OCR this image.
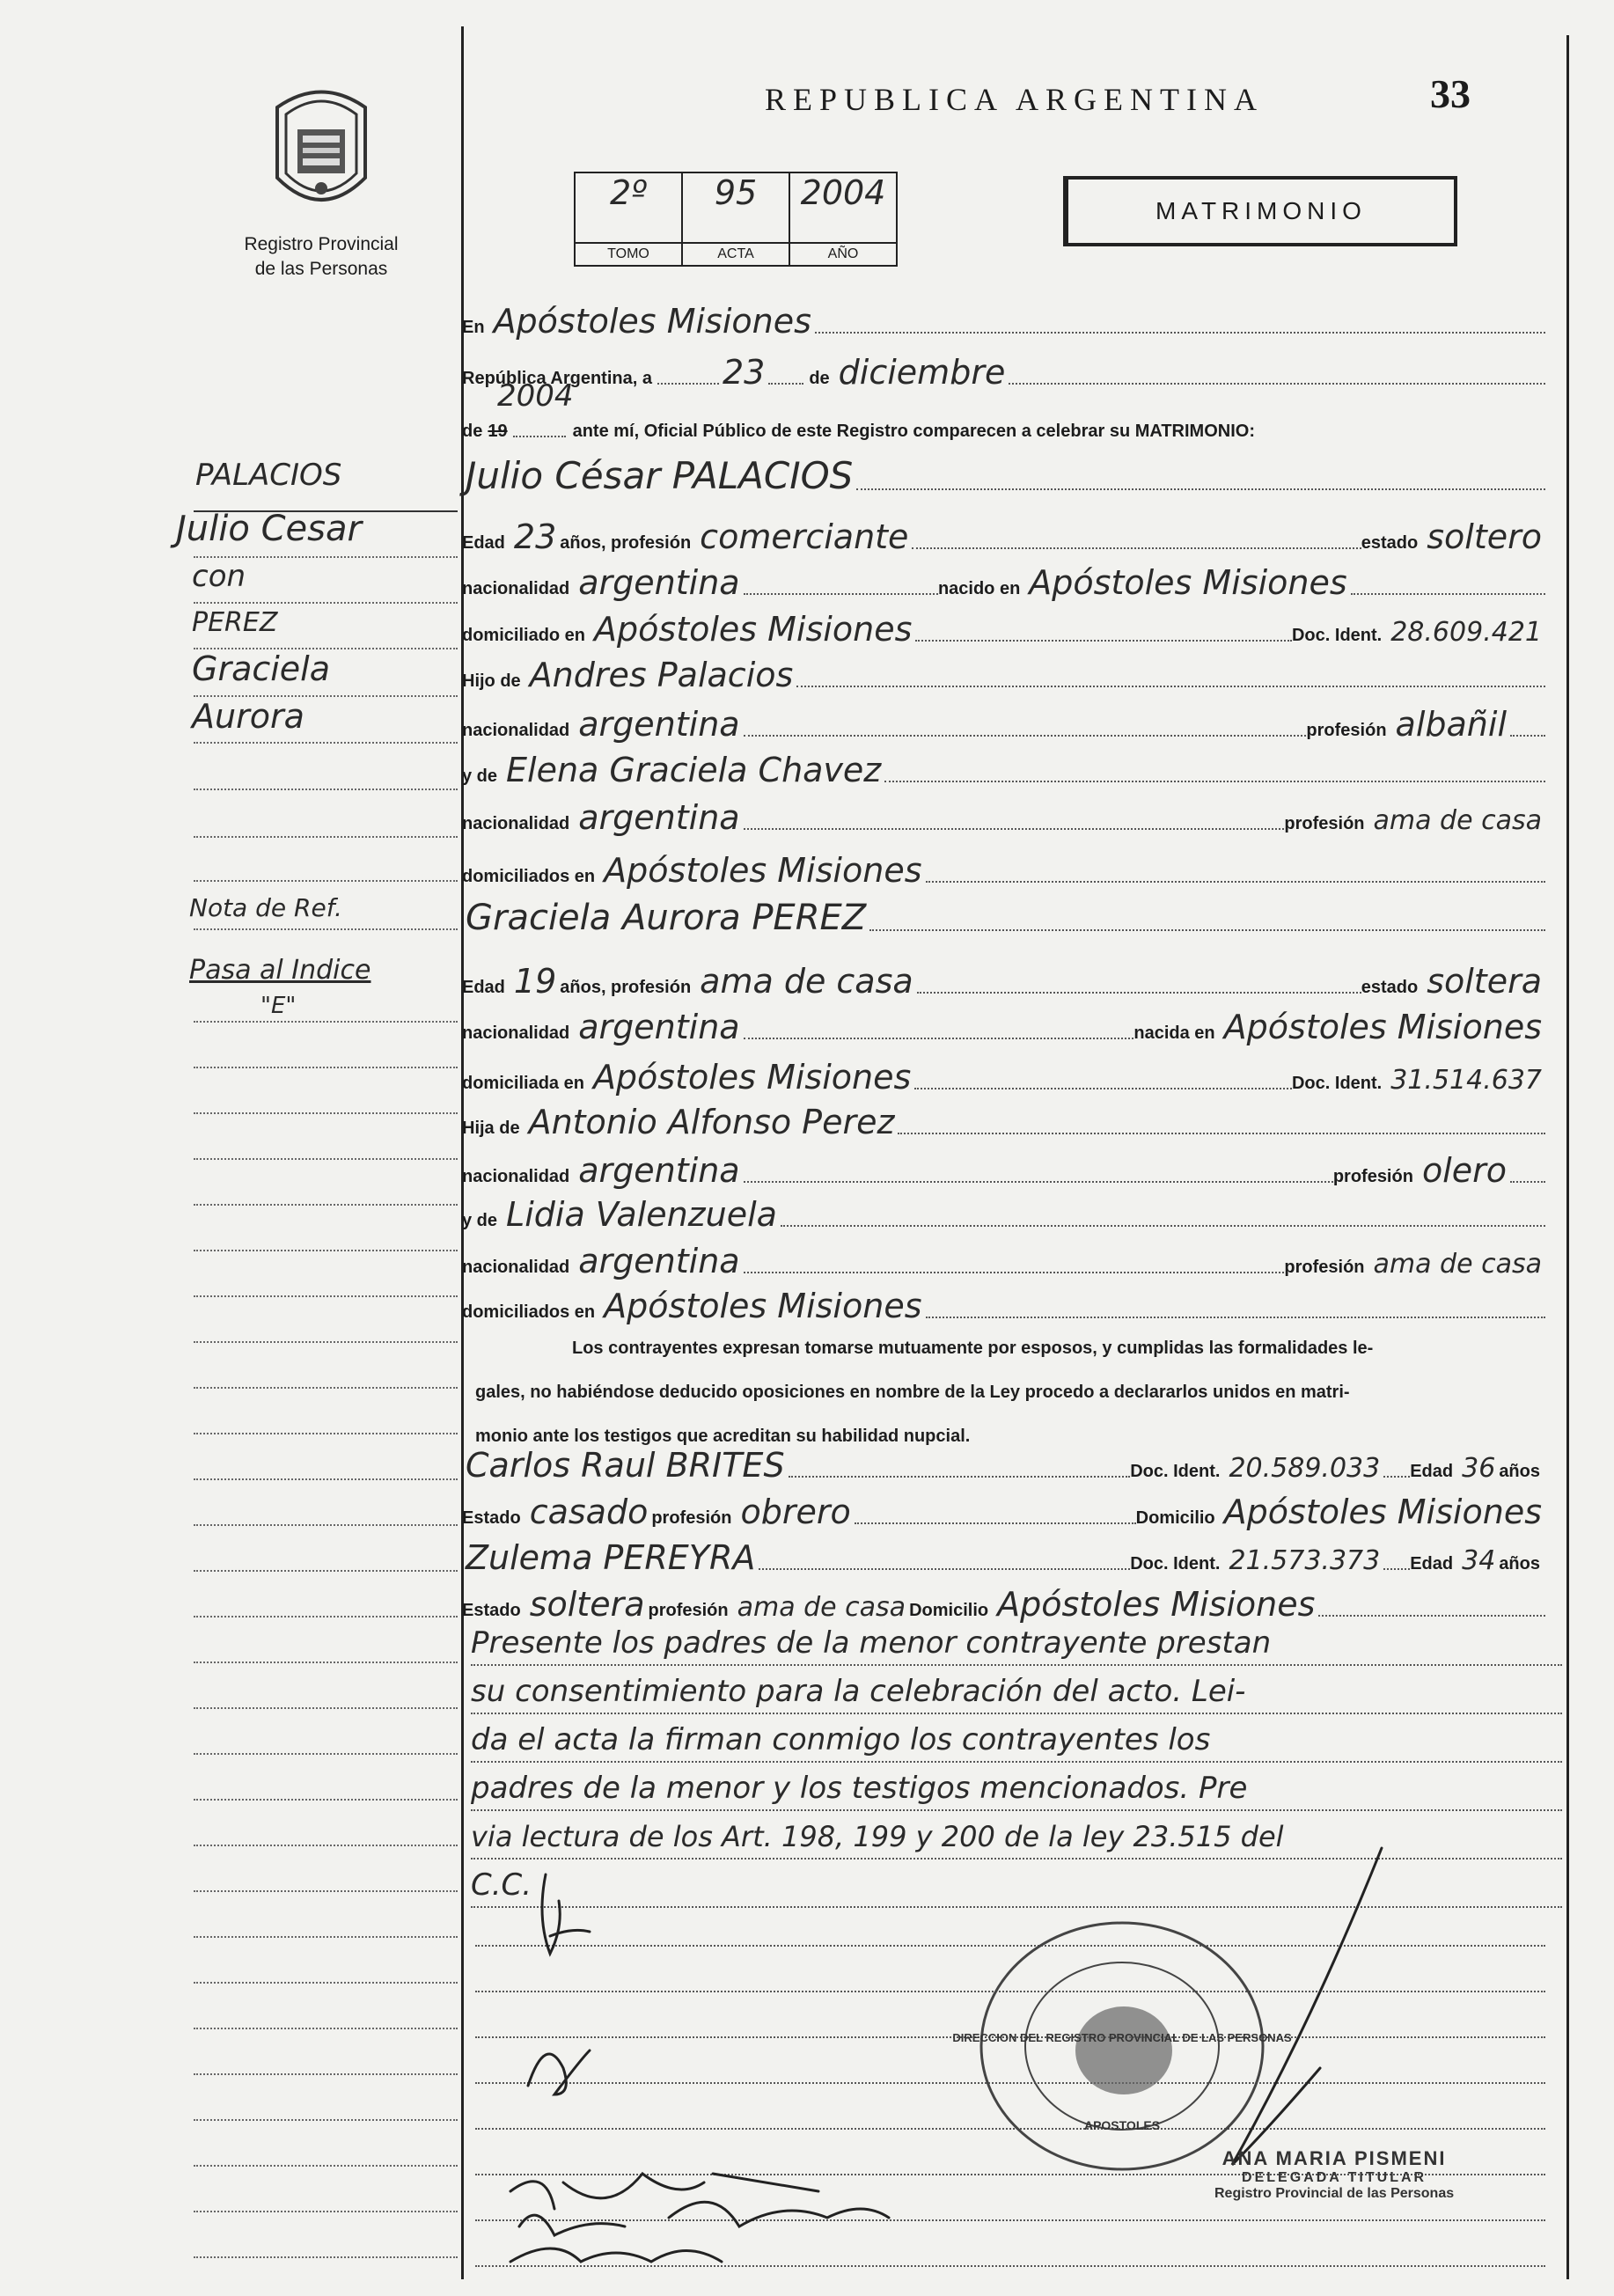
Registro Provincial
de las Personas
REPUBLICA ARGENTINA	33
2º
TOMO
95
ACTA
2004
AÑO
MATRIMONIO
En Apóstoles Misiones
República Argentina, a 23	de diciembre
2004
de 19	ante mí, Oficial Público de este Registro comparecen a celebrar su MATRIMONIO:
Julio César PALACIOS
Edad 23 años, profesión comerciante	estado soltero
nacionalidad argentina	nacido en Apóstoles Misiones
domiciliado en Apóstoles Misiones	Doc. Ident. 28.609.421
Hijo de Andres Palacios
nacionalidad argentina	profesión albañil
y de Elena Graciela Chavez
nacionalidad argentina	profesión ama de casa
domiciliados en Apóstoles Misiones
Graciela Aurora PEREZ
Edad 19 años, profesión ama de casa	estado soltera
nacionalidad argentina	nacida en Apóstoles Misiones
domiciliada en Apóstoles Misiones	Doc. Ident. 31.514.637
Hija de Antonio Alfonso Perez
nacionalidad argentina	profesión olero
y de Lidia Valenzuela
nacionalidad argentina	profesión ama de casa
domiciliados en Apóstoles Misiones
Los contrayentes expresan tomarse mutuamente por esposos, y cumplidas las formalidades le-
gales, no habiéndose deducido oposiciones en nombre de la Ley procedo a declararlos unidos en matri-
monio ante los testigos que acreditan su habilidad nupcial.
Carlos Raul BRITES	Doc. Ident. 20.589.033 Edad 36 años
Estado casado profesión obrero	Domicilio Apóstoles Misiones
Zulema PEREYRA	Doc. Ident. 21.573.373 Edad 34 años
Estado soltera profesión ama de casa Domicilio Apóstoles Misiones
Presente los padres de la menor contrayente prestan
su consentimiento para la celebración del acto. Lei-
da el acta la firman conmigo los contrayentes los
padres de la menor y los testigos mencionados. Pre
via lectura de los Art. 198, 199 y 200 de la ley 23.515 del
C.C.
DIRECCION DEL REGISTRO PROVINCIAL DE LAS PERSONAS
APOSTOLES
ANA MARIA PISMENI
DELEGADA TITULAR
Registro Provincial de las Personas
PALACIOS
Julio Cesar
con
PEREZ
Graciela
Aurora
Nota de Ref.
Pasa al Indice
"E"
